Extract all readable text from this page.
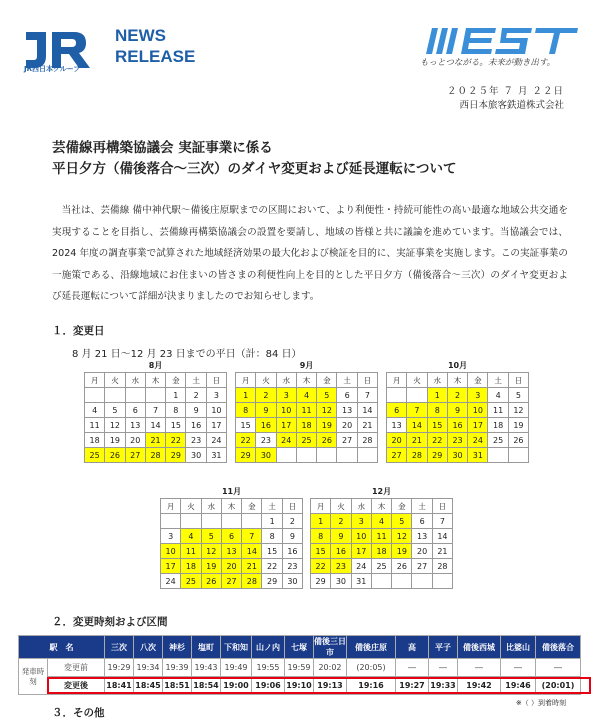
JR西日本グループ
NEWS
RELEASE	もっとつながる。未来が動き出す。
２０２５年 ７ 月 ２２日
西日本旅客鉄道株式会社
芸備線再構築協議会 実証事業に係る
平日夕方（備後落合～三次）のダイヤ変更および延長運転について
当社は、芸備線 備中神代駅～備後庄原駅までの区間において、より利便性・持続可能性の高い最適な地域公共交通を実現することを目指し、芸備線再構築協議会の設置を要請し、地域の皆様と共に議論を進めています。当協議会では、2024 年度の調査事業で試算された地域経済効果の最大化および検証を目的に、実証事業を実施します。この実証事業の一施策である、沿線地域にお住まいの皆さまの利便性向上を目的とした平日夕方（備後落合～三次）のダイヤ変更および延長運転について詳細が決まりましたのでお知らせします。
１．変更日
8 月 21 日～12 月 23 日までの平日（計：84 日）
8月
月	火	水	木	金	土	日
				1	2	3
4	5	6	7	8	9	10
11	12	13	14	15	16	17
18	19	20	21	22	23	24
25	26	27	28	29	30	31
9月
月	火	水	木	金	土	日
1	2	3	4	5	6	7
8	9	10	11	12	13	14
15	16	17	18	19	20	21
22	23	24	25	26	27	28
29	30					
10月
月	火	水	木	金	土	日
		1	2	3	4	5
6	7	8	9	10	11	12
13	14	15	16	17	18	19
20	21	22	23	24	25	26
27	28	29	30	31		
11月
月	火	水	木	金	土	日
					1	2
3	4	5	6	7	8	9
10	11	12	13	14	15	16
17	18	19	20	21	22	23
24	25	26	27	28	29	30
12月
月	火	水	木	金	土	日
1	2	3	4	5	6	7
8	9	10	11	12	13	14
15	16	17	18	19	20	21
22	23	24	25	26	27	28
29	30	31				
２．変更時刻および区間
駅　名		三次	八次	神杉	塩町	下和知	山ノ内	七塚	備後三日市	備後庄原	高	平子	備後西城	比婆山	備後落合
発車時刻	変更前	19:29	19:34	19:39	19:43	19:49	19:55	19:59	20:02	(20:05)	―	―	―	―	―
	変更後	18:41	18:45	18:51	18:54	19:00	19:06	19:10	19:13	19:16	19:27	19:33	19:42	19:46	(20:01)
※（ ）到着時刻
３．その他
